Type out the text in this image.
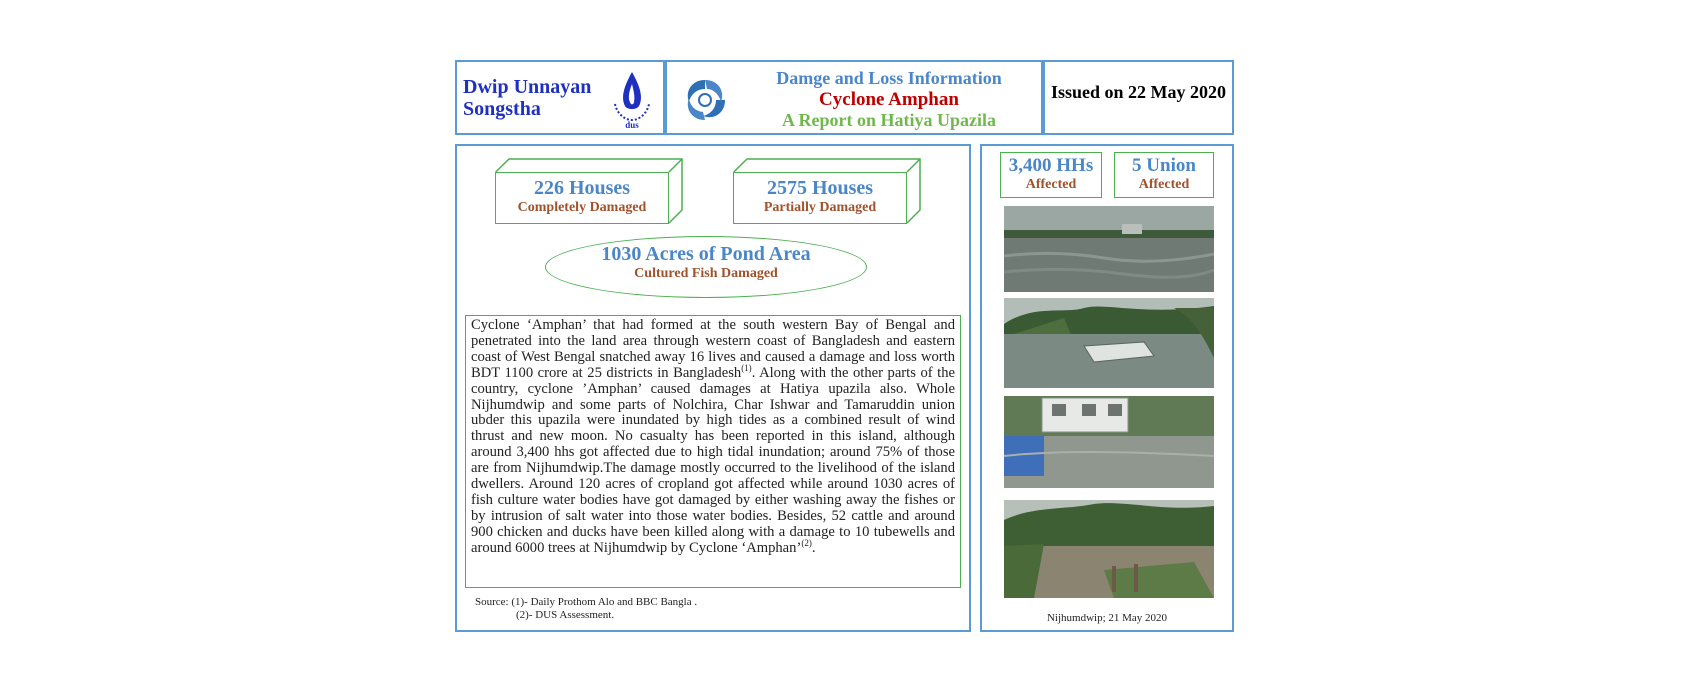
Dwip Unnayan
Songstha
dus
Damge and Loss Information
Cyclone Amphan
A Report on Hatiya Upazila
Issued on 22 May 2020
226 Houses
Completely Damaged
2575 Houses
Partially Damaged
1030 Acres of Pond Area
Cultured Fish Damaged
Cyclone ‘Amphan’ that had formed at the south western Bay of Bengal and penetrated into the land area through western coast of Bangladesh and eastern coast of West Bengal snatched away 16 lives and caused a damage and loss worth BDT 1100 crore at 25 districts in Bangladesh$^{(1)}$. Along with the other parts of the country, cyclone ’Amphan’ caused damages at Hatiya upazila also. Whole Nijhumdwip and some parts of Nolchira, Char Ishwar and Tamaruddin union ubder this upazila were inundated by high tides as a combined result of wind thrust and new moon. No casualty has been reported in this island, although around 3,400 hhs got affected due to high tidal inundation; around 75% of those are from Nijhumdwip.The damage mostly occurred to the livelihood of the island dwellers. Around 120 acres of cropland got affected while around 1030 acres of fish culture water bodies have got damaged by either washing away the fishes or by intrusion of salt water into those water bodies. Besides, 52 cattle and around 900 chicken and ducks have been killed along with a damage to 10 tubewells and around 6000 trees at Nijhumdwip by Cyclone ‘Amphan’$^{(2)}$.
Source: (1)- Daily Prothom Alo and BBC Bangla .
(2)- DUS Assessment.
3,400 HHs
Affected
5 Union
Affected
Nijhumdwip; 21 May 2020
